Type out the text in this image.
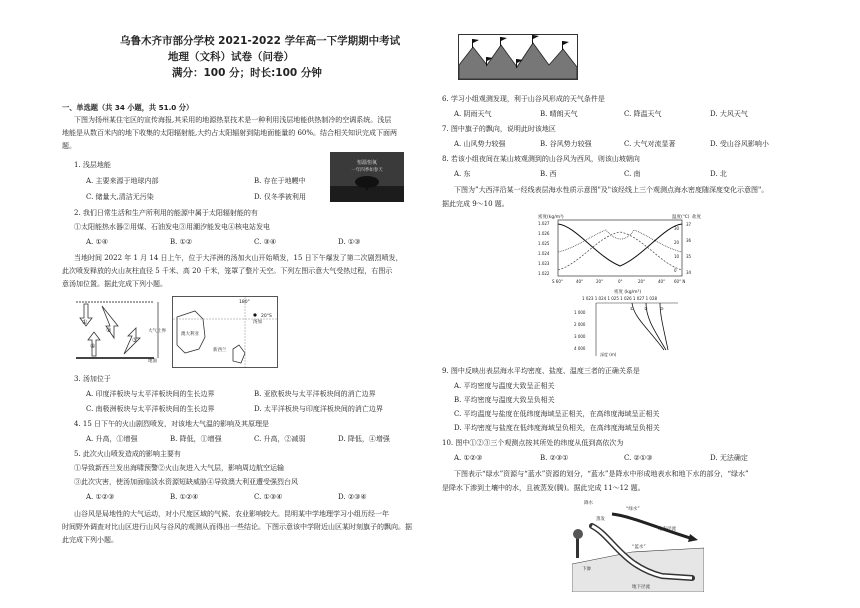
乌鲁木齐市部分学校 2021-2022 学年高一下学期期中考试
地理（文科）试卷（问卷）
满分：100 分；时长:100 分钟
一、单选题（共 34 小题，共 51.0 分）
下图为扬州某住宅区的宣传海报,其采用的地源热泵技术是一种利用浅层地能供热制冷的空调系统。浅层
地能是从数百米内的地下收集的太阳辐射能,大约占太阳辐射到陆地面能量的 60%。结合相关知识完成下面两
题。
1. 浅层地能
A. 主要来源于地球内部	B. 存在于地幔中
C. 储量大,清洁无污染	D. 仅冬季被利用
2. 我们日常生活和生产所利用的能源中属于太阳辐射能的有
①太阳能热水器②用煤、石油发电③用潮汐能发电④核电站发电
A. ①④	B. ①②	C. ③④	D. ①③
当地时间 2022 年 1 月 14 日上午，位于大洋洲的汤加火山开始喷发，15 日下午爆发了第二次剧烈喷发，
此次喷发释放的火山灰柱直径 5 千米、高 20 千米，笼罩了整片天空。下列左图示意大气受热过程，右图示
意汤加位置。据此完成下列小题。
恒温恒氧
一年四季如春天
①
②
④
③
大气上界
地面
180°
20°S
汤加
澳大利亚
新西兰
3. 汤加位于
A. 印度洋板块与太平洋板块间的生长边界	B. 亚欧板块与太平洋板块间的消亡边界
C. 南极洲板块与太平洋板块间的生长边界	D. 太平洋板块与印度洋板块间的消亡边界
4. 15 日下午的火山剧烈喷发，对该地大气温的影响及其原理是
A. 升高，①增强	B. 降低，①增强	C. 升高，②减弱	D. 降低，④增强
5. 此次火山喷发造成的影响主要有
①导致新西兰发出海啸预警②火山灰进入大气层，影响周边航空运输
③此次灾害，使汤加面临淡水资源短缺威胁④导致澳大利亚遭受强烈台风
A. ①②③	B. ①②④	C. ①③④	D. ②③④
山谷风是局地性的大气运动，对小尺度区域的气候、农业影响较大。昆明某中学地理学习小组历经一年
时间野外调查对比山区进行山风与谷风的观测从而得出一些结论。下图示意该中学附近山区某时刻旗子的飘向。据
此完成下列小题。
6. 学习小组观测发现，利于山谷风形成的天气条件是
A. 阴雨天气	B. 晴朗天气	C. 降温天气	D. 大风天气
7. 图中旗子的飘向，说明此时该地区
A. 山风势力较强	B. 谷风势力较强	C. 大气对流显著	D. 受山谷风影响小
8. 若该小组夜间在某山坡观测到的山谷风为西风，则该山坡朝向
A. 东	B. 西	C. 南	D. 北
下图为”大西洋沿某一经线表层海水性质示意图"及"该经线上三个观测点海水密度随深度变化示意图"。
据此完成 9～10 题。
密度(kg/m³)	温度(℃) 盐度
1.027
1.026
1.025
1.024
1.023
1.022
37
36
35
34
30
20
10
0
S 60°	40°	20°	0°	20°	40° 60° N
密度 (kg/m³)
1 023 1 024 1 025 1 026 1 027 1 028
1 000
2 000
3 000
4 000
深度 (m)
①	②	③
9. 图中反映出表层海水平均密度、盐度、温度三者的正确关系是
A. 平均密度与温度大致呈正相关
B. 平均密度与温度大致呈负相关
C. 平均温度与盐度在低纬度海域呈正相关，在高纬度海域呈正相关
D. 平均密度与盐度在低纬度海域呈负相关，在高纬度海域呈负相关
10. 图中①②③三个观测点按其所处的纬度从低到高依次为
A. ①②③	B. ②③①	C. ②①③	D. 无法确定
下图表示“绿水”资源与“蓝水”资源的划分，“蓝水”是降水中形成地表水和地下水的部分，“绿水”
是降水下渗到土壤中的水，且被蒸发(腾)。据此完成 11～12 题。
降水
蒸发
“绿水”
地表径流
“蓝水”
下渗
地下径流
